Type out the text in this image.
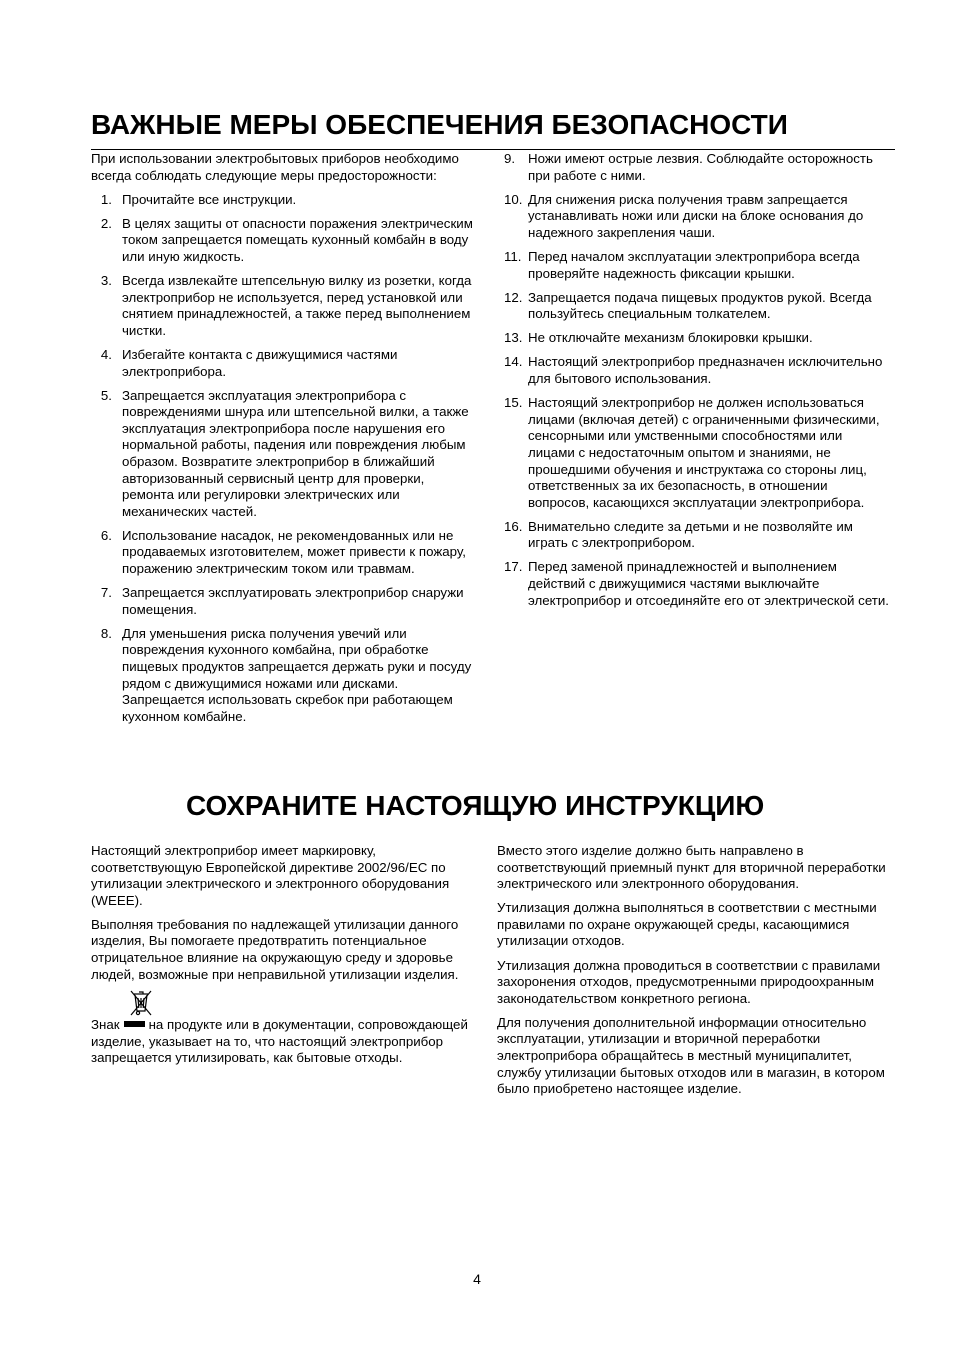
ВАЖНЫЕ МЕРЫ ОБЕСПЕЧЕНИЯ БЕЗОПАСНОСТИ

При использовании электробытовых приборов необходимо всегда соблюдать следующие меры предосторожности:

1. Прочитайте все инструкции.
2. В целях защиты от опасности поражения электрическим током запрещается помещать кухонный комбайн в воду или иную жидкость.
3. Всегда извлекайте штепсельную вилку из розетки, когда электроприбор не используется, перед установкой или снятием принадлежностей, а также перед выполнением чистки.
4. Избегайте контакта с движущимися частями электроприбора.
5. Запрещается эксплуатация электроприбора с повреждениями шнура или штепсельной вилки, а также эксплуатация электроприбора после нарушения его нормальной работы, падения или повреждения любым образом. Возвратите электроприбор в ближайший авторизованный сервисный центр для проверки, ремонта или регулировки электрических или механических частей.
6. Использование насадок, не рекомендованных или не продаваемых изготовителем, может привести к пожару, поражению электрическим током или травмам.
7. Запрещается эксплуатировать электроприбор снаружи помещения.
8. Для уменьшения риска получения увечий или повреждения кухонного комбайна, при обработке пищевых продуктов запрещается держать руки и посуду рядом с движущимися ножами или дисками. Запрещается использовать скребок при работающем кухонном комбайне.
9. Ножи имеют острые лезвия. Соблюдайте осторожность при работе с ними.
10. Для снижения риска получения травм запрещается устанавливать ножи или диски на блоке основания до надежного закрепления чаши.
11. Перед началом эксплуатации электроприбора всегда проверяйте надежность фиксации крышки.
12. Запрещается подача пищевых продуктов рукой. Всегда пользуйтесь специальным толкателем.
13. Не отключайте механизм блокировки крышки.
14. Настоящий электроприбор предназначен исключительно для бытового использования.
15. Настоящий электроприбор не должен использоваться лицами (включая детей) с ограниченными физическими, сенсорными или умственными способностями или лицами с недостаточным опытом и знаниями, не прошедшими обучения и инструктажа со стороны лиц, ответственных за их безопасность, в отношении вопросов, касающихся эксплуатации электроприбора.
16. Внимательно следите за детьми и не позволяйте им играть с электроприбором.
17. Перед заменой принадлежностей и выполнением действий с движущимися частями выключайте электроприбор и отсоединяйте его от электрической сети.
СОХРАНИТЕ НАСТОЯЩУЮ ИНСТРУКЦИЮ

Настоящий электроприбор имеет маркировку, соответствующую Европейской директиве 2002/96/EC по утилизации электрического и электронного оборудования (WEEE).

Выполняя требования по надлежащей утилизации данного изделия, Вы помогаете предотвратить потенциальное отрицательное влияние на окружающую среду и здоровье людей, возможные при неправильной утилизации изделия.

Знак на продукте или в документации, сопровождающей изделие, указывает на то, что настоящий электроприбор запрещается утилизировать, как бытовые отходы.

Вместо этого изделие должно быть направлено в соответствующий приемный пункт для вторичной переработки электрического или электронного оборудования.

Утилизация должна выполняться в соответствии с местными правилами по охране окружающей среды, касающимися утилизации отходов.

Утилизация должна проводиться в соответствии с правилами захоронения отходов, предусмотренными природоохранным законодательством конкретного региона.

Для получения дополнительной информации относительно эксплуатации, утилизации и вторичной переработки электроприбора обращайтесь в местный муниципалитет, службу утилизации бытовых отходов или в магазин, в котором было приобретено настоящее изделие.

4
